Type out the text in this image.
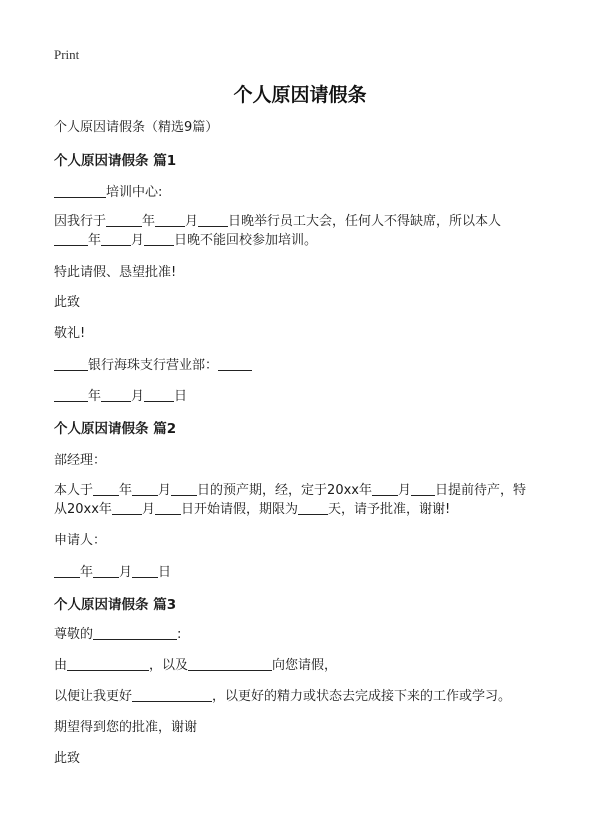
Print
个人原因请假条
个人原因请假条（精选9篇）
个人原因请假条 篇1
培训中心:
因我行于	年 月 日晚举行员工大会，任何人不得缺席，所以本人
年 月 日晚不能回校参加培训。
特此请假、恳望批准!
此致
敬礼!
银行海珠支行营业部：
年 月 日
个人原因请假条 篇2
部经理：
本人于 年 月 日的预产期，经，定于20xx年 月 日提前待产，特
从20xx年 月 日开始请假，期限为 天，请予批准，谢谢!
申请人：
年 月 日
个人原因请假条 篇3
尊敬的	:
由	，以及	向您请假，
以便让我更好	，以更好的精力或状态去完成接下来的工作或学习。
期望得到您的批准，谢谢
此致
